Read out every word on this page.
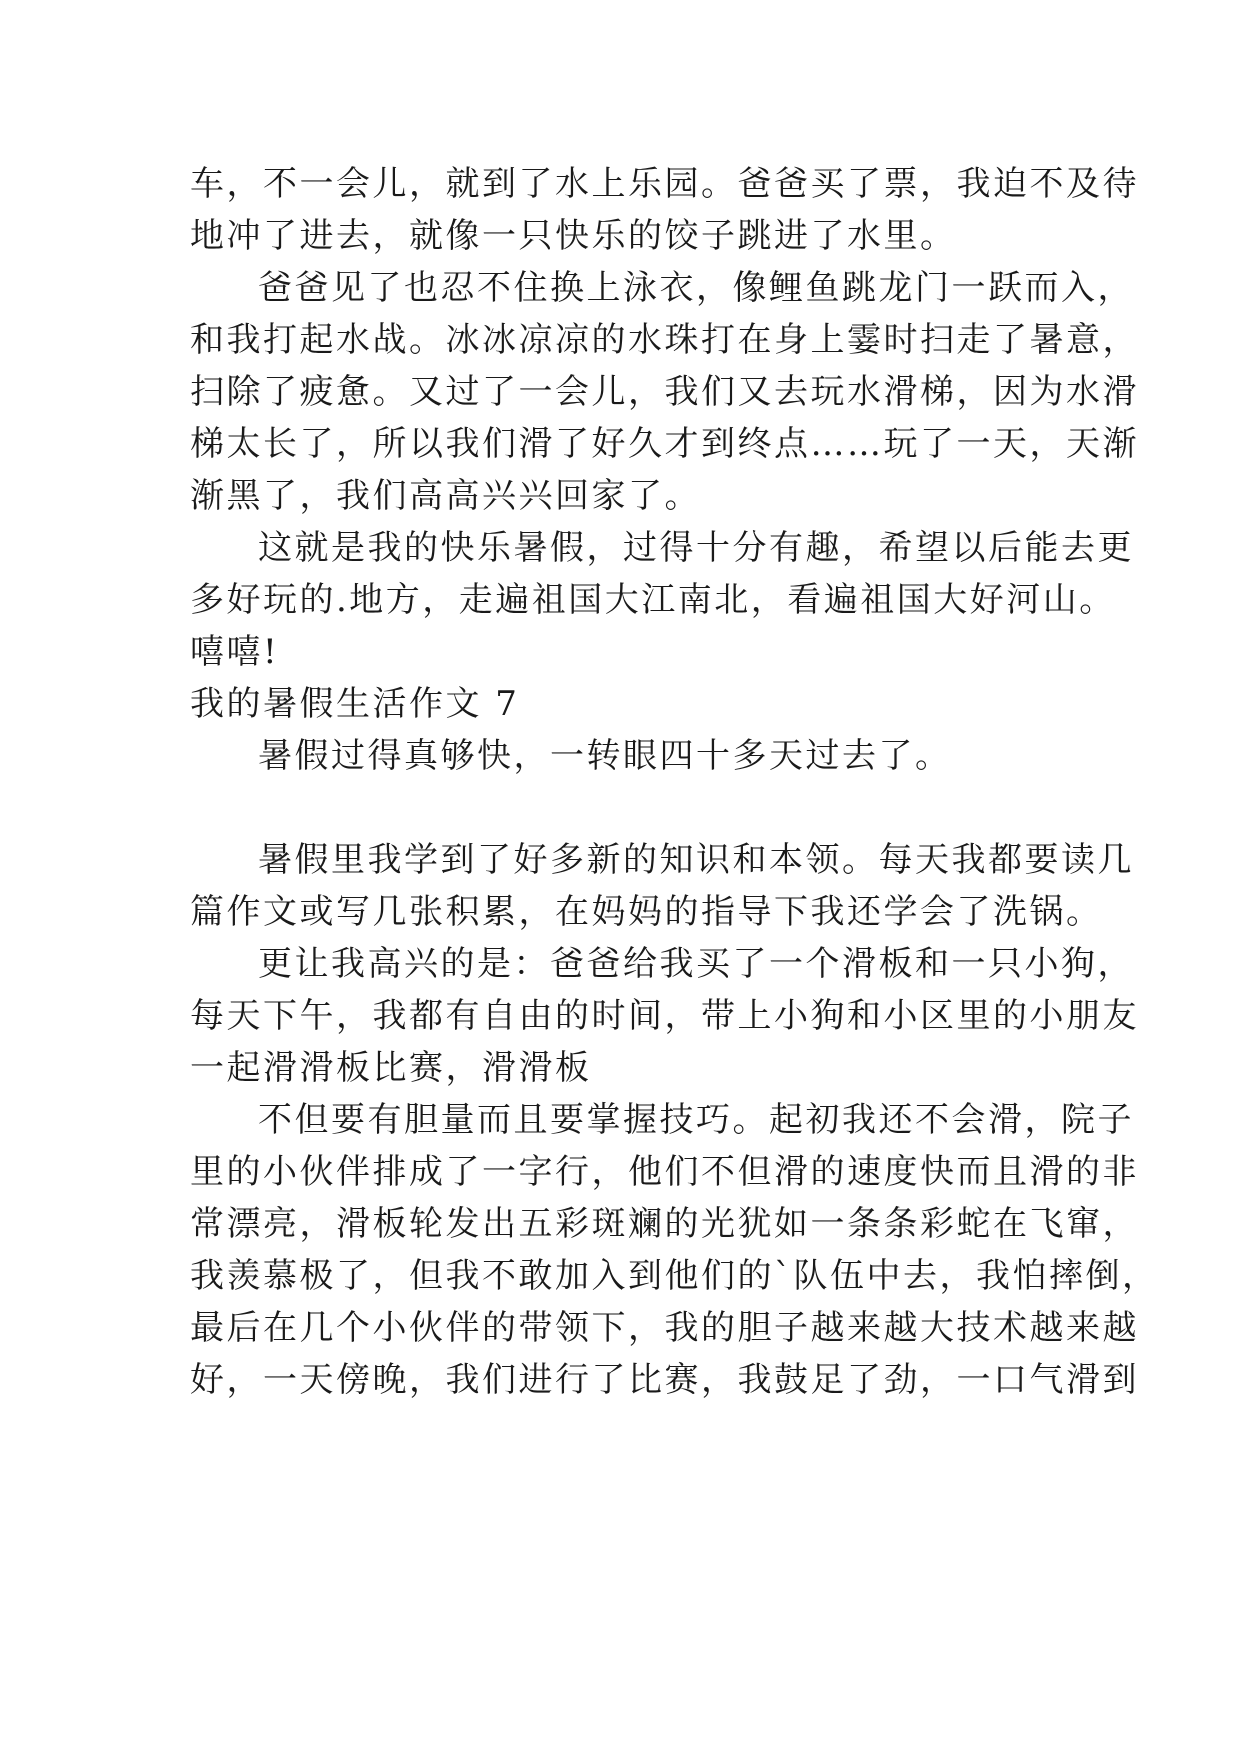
车，不一会儿，就到了水上乐园。爸爸买了票，我迫不及待
地冲了进去，就像一只快乐的饺子跳进了水里。
爸爸见了也忍不住换上泳衣，像鲤鱼跳龙门一跃而入，
和我打起水战。冰冰凉凉的水珠打在身上霎时扫走了暑意，
扫除了疲惫。又过了一会儿，我们又去玩水滑梯，因为水滑
梯太长了，所以我们滑了好久才到终点……玩了一天，天渐
渐黑了，我们高高兴兴回家了。
这就是我的快乐暑假，过得十分有趣，希望以后能去更
多好玩的.地方，走遍祖国大江南北，看遍祖国大好河山。
嘻嘻!
我的暑假生活作文 7
暑假过得真够快，一转眼四十多天过去了。
暑假里我学到了好多新的知识和本领。每天我都要读几
篇作文或写几张积累，在妈妈的指导下我还学会了洗锅。
更让我高兴的是：爸爸给我买了一个滑板和一只小狗，
每天下午，我都有自由的时间，带上小狗和小区里的小朋友
一起滑滑板比赛，滑滑板
不但要有胆量而且要掌握技巧。起初我还不会滑，院子
里的小伙伴排成了一字行，他们不但滑的速度快而且滑的非
常漂亮，滑板轮发出五彩斑斓的光犹如一条条彩蛇在飞窜，
我羡慕极了，但我不敢加入到他们的`队伍中去，我怕摔倒，
最后在几个小伙伴的带领下，我的胆子越来越大技术越来越
好，一天傍晚，我们进行了比赛，我鼓足了劲，一口气滑到
